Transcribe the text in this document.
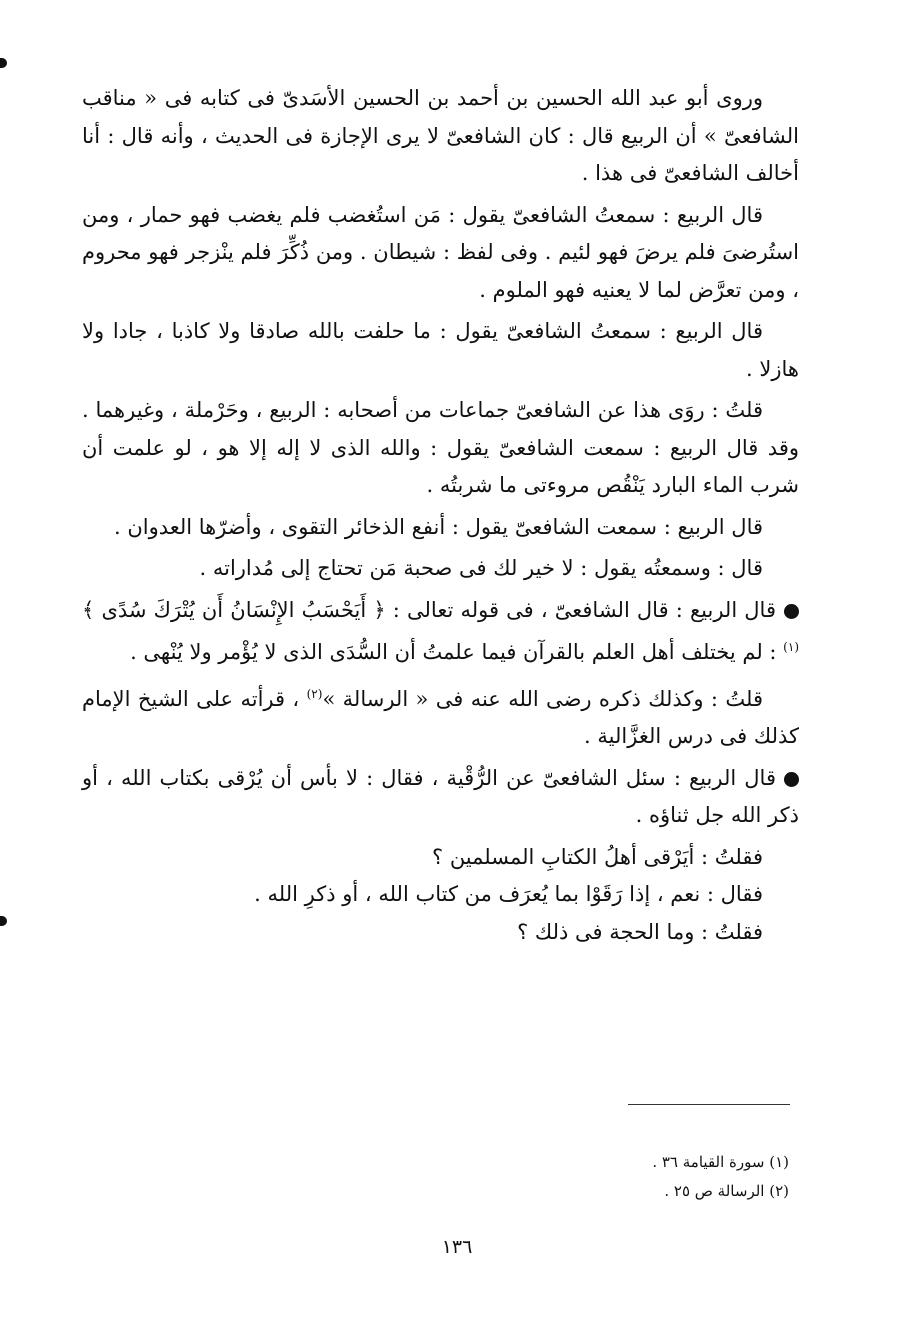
وروى أبو عبد الله الحسين بن أحمد بن الحسين الأسَدىّ فى كتابه فى « مناقب الشافعىّ » أن الربيع قال : كان الشافعىّ لا يرى الإجازة فى الحديث ، وأنه قال : أنا أخالف الشافعىّ فى هذا .

قال الربيع : سمعتُ الشافعىّ يقول : مَن استُغضب فلم يغضب فهو حمار ، ومن استُرضىَ فلم يرضَ فهو لئيم . وفى لفظ : شيطان . ومن ذُكِّرَ فلم ينْزجر فهو محروم ، ومن تعرَّض لما لا يعنيه فهو الملوم .

قال الربيع : سمعتُ الشافعىّ يقول : ما حلفت بالله صادقا ولا كاذبا ، جادا ولا هازلا .

قلتُ : روَى هذا عن الشافعىّ جماعات من أصحابه : الربيع ، وحَرْملة ، وغيرهما . وقد قال الربيع : سمعت الشافعىّ يقول : والله الذى لا إله إلا هو ، لو علمت أن شرب الماء البارد يَنْقُص مروءتى ما شربتُه .

قال الربيع : سمعت الشافعىّ يقول : أنفع الذخائر التقوى ، وأضرّها العدوان .

قال : وسمعتُه يقول : لا خير لك فى صحبة مَن تحتاج إلى مُداراته .

قال الربيع : قال الشافعىّ ، فى قوله تعالى : ﴿ أَيَحْسَبُ الإِنْسَانُ أَن يُتْرَكَ سُدًى ﴾$^{(١)}$ : لم يختلف أهل العلم بالقرآن فيما علمتُ أن السُّدَى الذى لا يُؤْمر ولا يُنْهى .

قلتُ : وكذلك ذكره رضى الله عنه فى « الرسالة »$^{(٢)}$ ، قرأته على الشيخ الإمام كذلك فى درس الغزَّالية .

قال الربيع : سئل الشافعىّ عن الرُّقْية ، فقال : لا بأس أن يُرْقى بكتاب الله ، أو ذكر الله جل ثناؤه .

فقلتُ : أيَرْقى أهلُ الكتابِ المسلمين ؟

فقال : نعم ، إذا رَقَوْا بما يُعرَف من كتاب الله ، أو ذكرِ الله .

فقلتُ : وما الحجة فى ذلك ؟

(١) سورة القيامة ٣٦ .
(٢) الرسالة ص ٢٥ .
١٣٦
